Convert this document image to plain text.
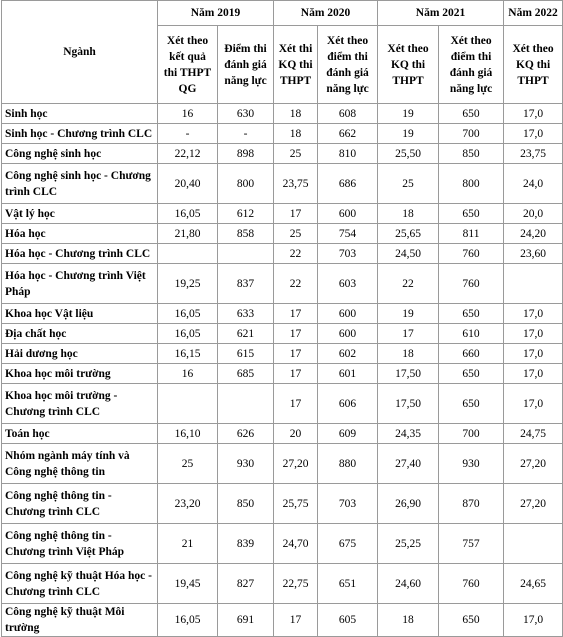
Ngành	Năm 2019		Năm 2020		Năm 2021		Năm 2022
	Xét theo kết quả thi THPT QG	Điểm thi đánh giá năng lực	Xét thi KQ thi THPT	Xét theo điểm thi đánh giá năng lực	Xét theo KQ thi THPT	Xét theo điểm thi đánh giá năng lực	Xét theo KQ thi THPT
Sinh học	16	630	18	608	19	650	17,0
Sinh học - Chương trình CLC	-	-	18	662	19	700	17,0
Công nghệ sinh học	22,12	898	25	810	25,50	850	23,75
Công nghệ sinh học - Chương trình CLC	20,40	800	23,75	686	25	800	24,0
Vật lý học	16,05	612	17	600	18	650	20,0
Hóa học	21,80	858	25	754	25,65	811	24,20
Hóa học - Chương trình CLC			22	703	24,50	760	23,60
Hóa học - Chương trình Việt Pháp	19,25	837	22	603	22	760	
Khoa học Vật liệu	16,05	633	17	600	19	650	17,0
Địa chất học	16,05	621	17	600	17	610	17,0
Hải dương học	16,15	615	17	602	18	660	17,0
Khoa học môi trường	16	685	17	601	17,50	650	17,0
Khoa học môi trường - Chương trình CLC			17	606	17,50	650	17,0
Toán học	16,10	626	20	609	24,35	700	24,75
Nhóm ngành máy tính và Công nghệ thông tin	25	930	27,20	880	27,40	930	27,20
Công nghệ thông tin - Chương trình CLC	23,20	850	25,75	703	26,90	870	27,20
Công nghệ thông tin - Chương trình Việt Pháp	21	839	24,70	675	25,25	757	
Công nghệ kỹ thuật Hóa học - Chương trình CLC	19,45	827	22,75	651	24,60	760	24,65
Công nghệ kỹ thuật Môi trường	16,05	691	17	605	18	650	17,0
